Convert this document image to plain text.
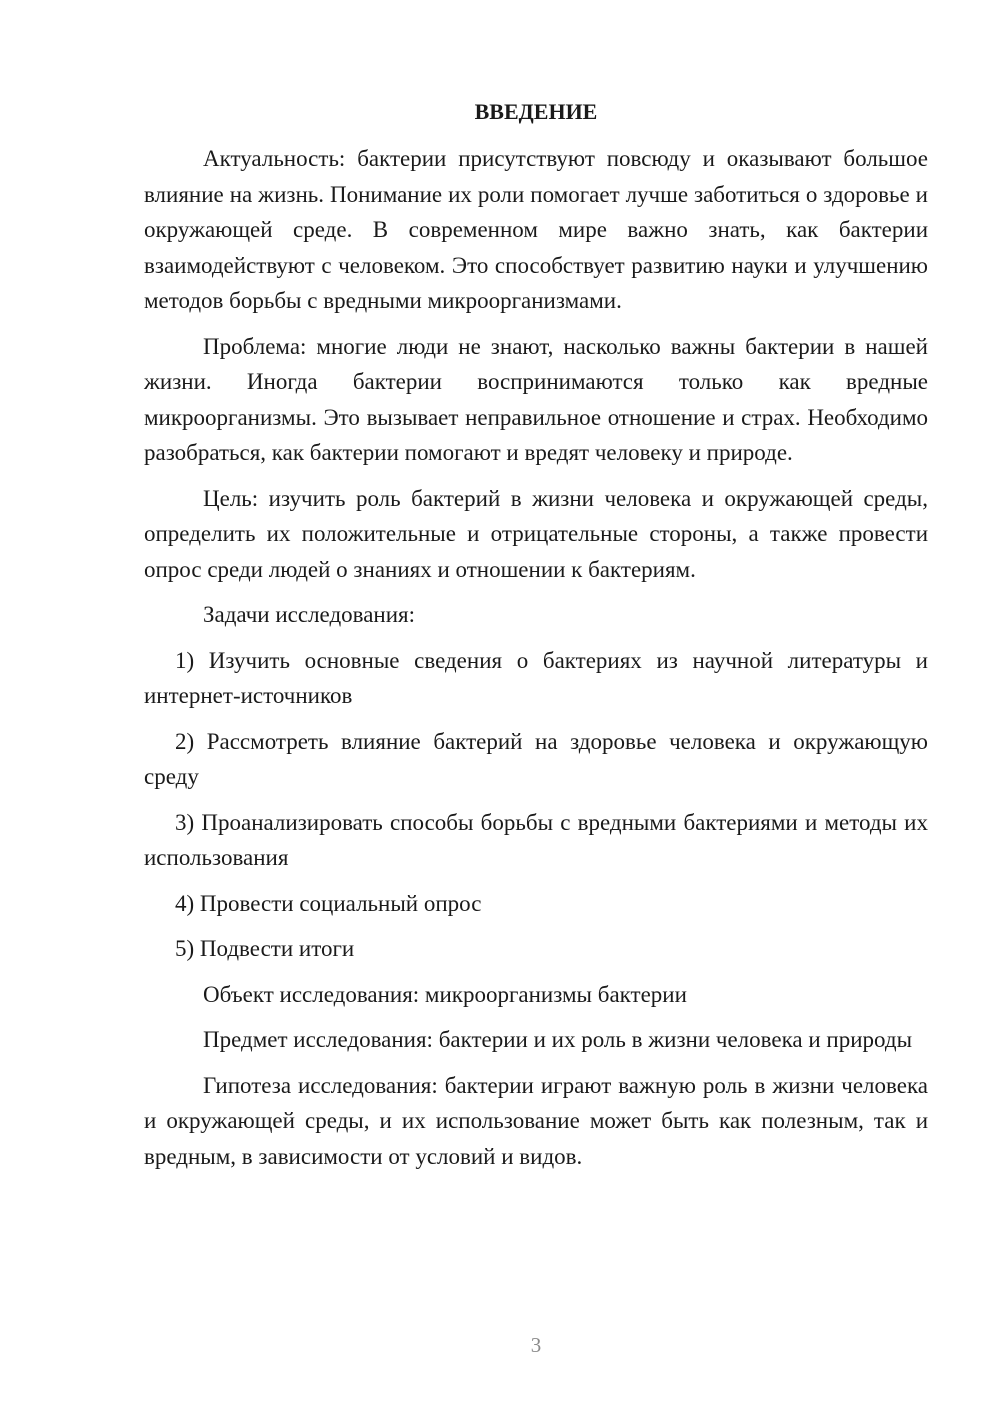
ВВЕДЕНИЕ

Актуальность: бактерии присутствуют повсюду и оказывают большое влияние на жизнь. Понимание их роли помогает лучше заботиться о здоровье и окружающей среде. В современном мире важно знать, как бактерии взаимодействуют с человеком. Это способствует развитию науки и улучшению методов борьбы с вредными микроорганизмами.

Проблема: многие люди не знают, насколько важны бактерии в нашей жизни. Иногда бактерии воспринимаются только как вредные микроорганизмы. Это вызывает неправильное отношение и страх. Необходимо разобраться, как бактерии помогают и вредят человеку и природе.

Цель: изучить роль бактерий в жизни человека и окружающей среды, определить их положительные и отрицательные стороны, а также провести опрос среди людей о знаниях и отношении к бактериям.

Задачи исследования:

1) Изучить основные сведения о бактериях из научной литературы и интернет-источников

2) Рассмотреть влияние бактерий на здоровье человека и окружающую среду

3) Проанализировать способы борьбы с вредными бактериями и методы их использования

4) Провести социальный опрос

5) Подвести итоги

Объект исследования: микроорганизмы бактерии

Предмет исследования: бактерии и их роль в жизни человека и природы

Гипотеза исследования: бактерии играют важную роль в жизни человека и окружающей среды, и их использование может быть как полезным, так и вредным, в зависимости от условий и видов.

3
